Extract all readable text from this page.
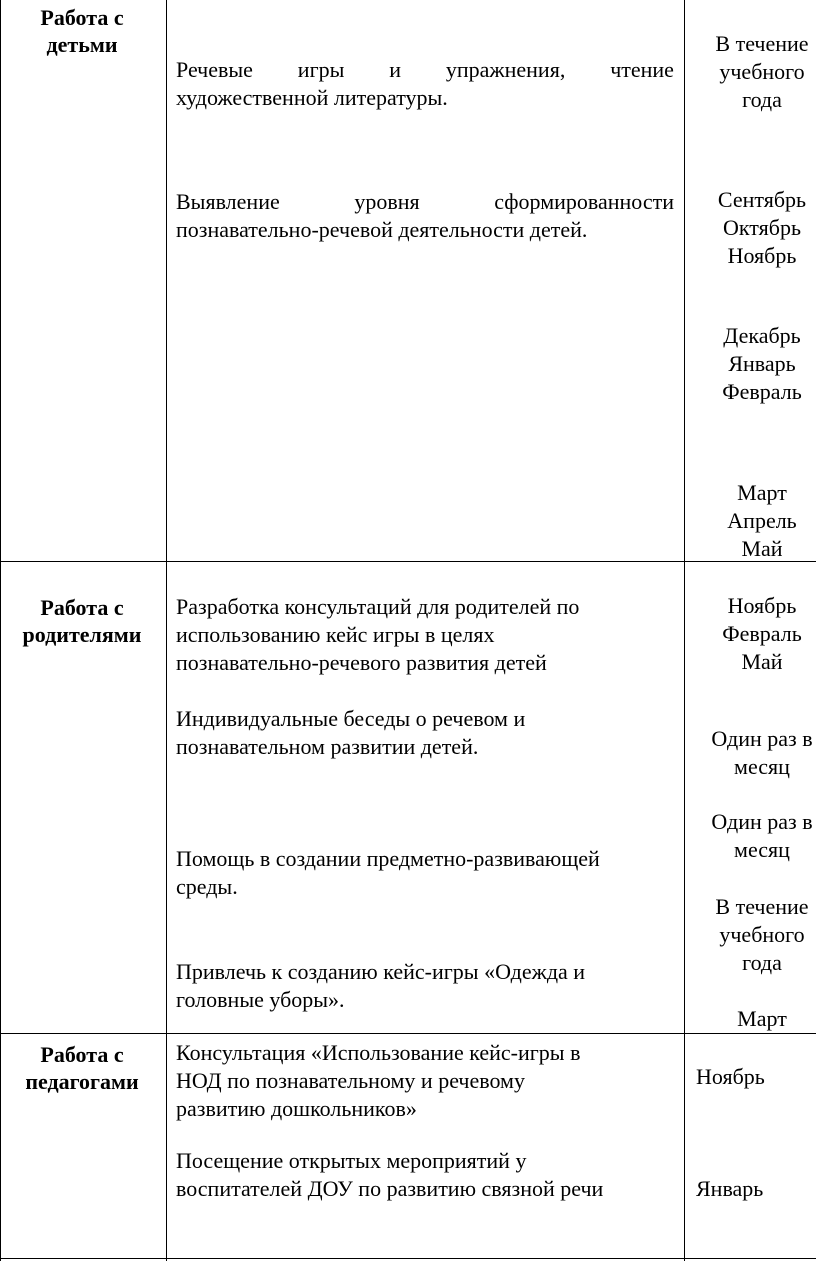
Работа с
детьми
Речевые игры и упражнения, чтение
художественной литературы.
Выявление	уровня	сформированности
познавательно-речевой деятельности детей.
В течение
учебного
года
Сентябрь
Октябрь
Ноябрь
Декабрь
Январь
Февраль
Март
Апрель
Май
Работа с
родителями
Разработка консультаций для родителей по
использованию кейс игры в целях
познавательно-речевого развития детей
Индивидуальные беседы о речевом и
познавательном развитии детей.
Помощь в создании предметно-развивающей
среды.
Привлечь к созданию кейс-игры «Одежда и
головные уборы».
Ноябрь
Февраль
Май
Один раз в
месяц
Один раз в
месяц
В течение
учебного
года
Март
Работа с
педагогами
Консультация «Использование кейс-игры в
НОД по познавательному и речевому
развитию дошкольников»
Посещение открытых мероприятий у
воспитателей ДОУ по развитию связной речи
Ноябрь
Январь
